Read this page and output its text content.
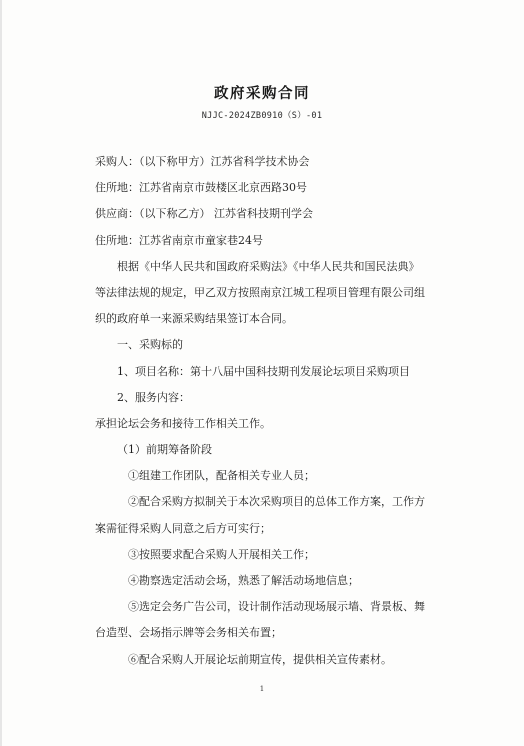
政府采购合同
NJJC-2024ZB0910（S）-01
采购人：（以下称甲方）江苏省科学技术协会
住所地：江苏省南京市鼓楼区北京西路30号
供应商：（以下称乙方） 江苏省科技期刊学会
住所地：江苏省南京市童家巷24号
根据《中华人民共和国政府采购法》《中华人民共和国民法典》
等法律法规的规定，甲乙双方按照南京江城工程项目管理有限公司组
织的政府单一来源采购结果签订本合同。
一、采购标的
1、项目名称：第十八届中国科技期刊发展论坛项目采购项目
2、服务内容：
承担论坛会务和接待工作相关工作。
（1）前期筹备阶段
①组建工作团队，配备相关专业人员；
②配合采购方拟制关于本次采购项目的总体工作方案，工作方
案需征得采购人同意之后方可实行；
③按照要求配合采购人开展相关工作；
④勘察选定活动会场，熟悉了解活动场地信息；
⑤选定会务广告公司，设计制作活动现场展示墙、背景板、舞
台造型、会场指示牌等会务相关布置；
⑥配合采购人开展论坛前期宣传，提供相关宣传素材。
1
